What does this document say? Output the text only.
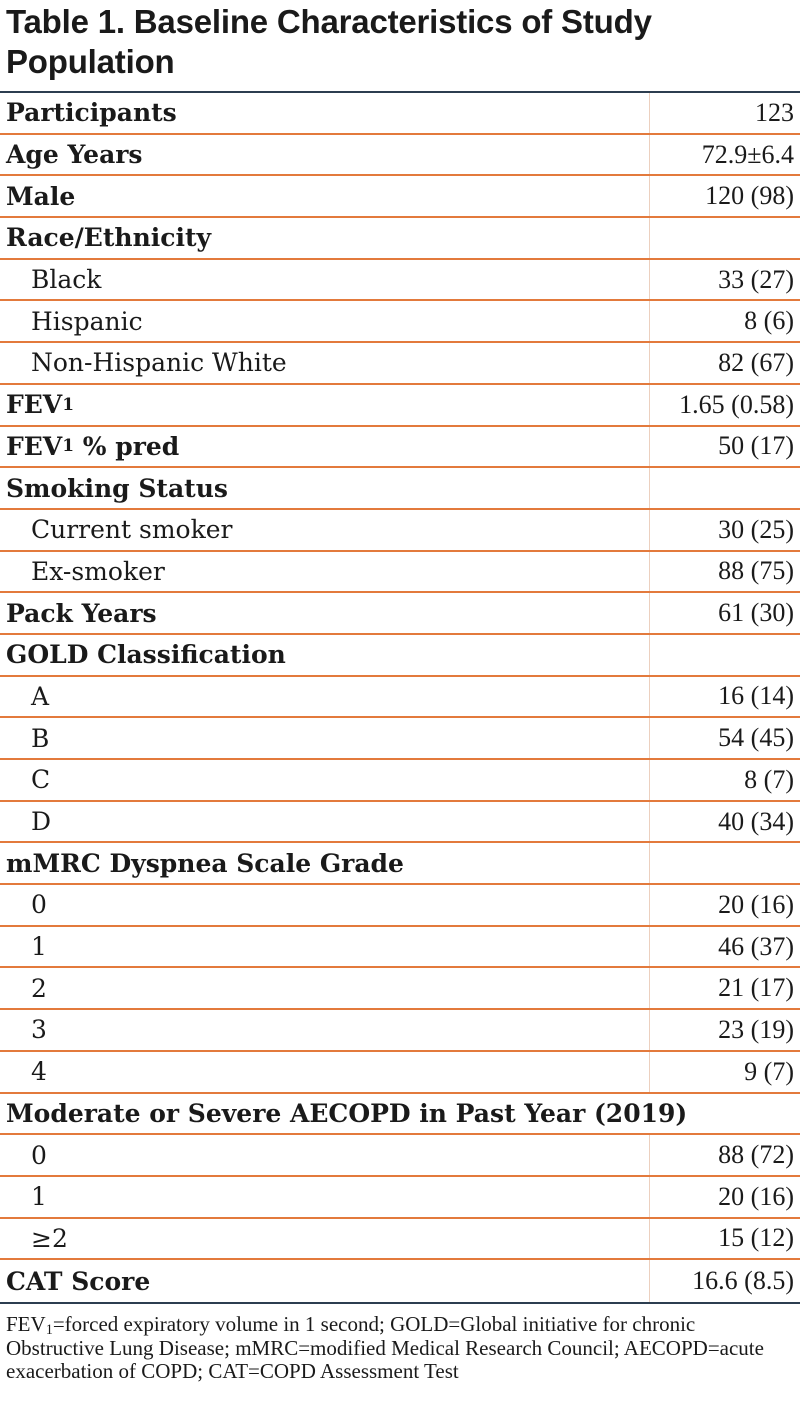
Table 1. Baseline Characteristics of Study Population
Participants	123
Age Years	72.9±6.4
Male	120 (98)
Race/Ethnicity
Black	33 (27)
Hispanic	8 (6)
Non-Hispanic White	82 (67)
FEV 1	1.65 (0.58)
FEV 1 % pred	50 (17)
Smoking Status
Current smoker	30 (25)
Ex-smoker	88 (75)
Pack Years	61 (30)
GOLD Classification
A	16 (14)
B	54 (45)
C	8 (7)
D	40 (34)
mMRC Dyspnea Scale Grade
0	20 (16)
1	46 (37)
2	21 (17)
3	23 (19)
4	9 (7)
Moderate or Severe AECOPD in Past Year (2019)
0	88 (72)
1	20 (16)
≥2	15 (12)
CAT Score	16.6 (8.5)
$FEV_1=forced$ expiratory volume in 1 second; GOLD=Global initiative for chronic Obstructive Lung Disease; mMRC=modified Medical Research Council; AECOPD=acute exacerbation of COPD; CAT=COPD Assessment Test
